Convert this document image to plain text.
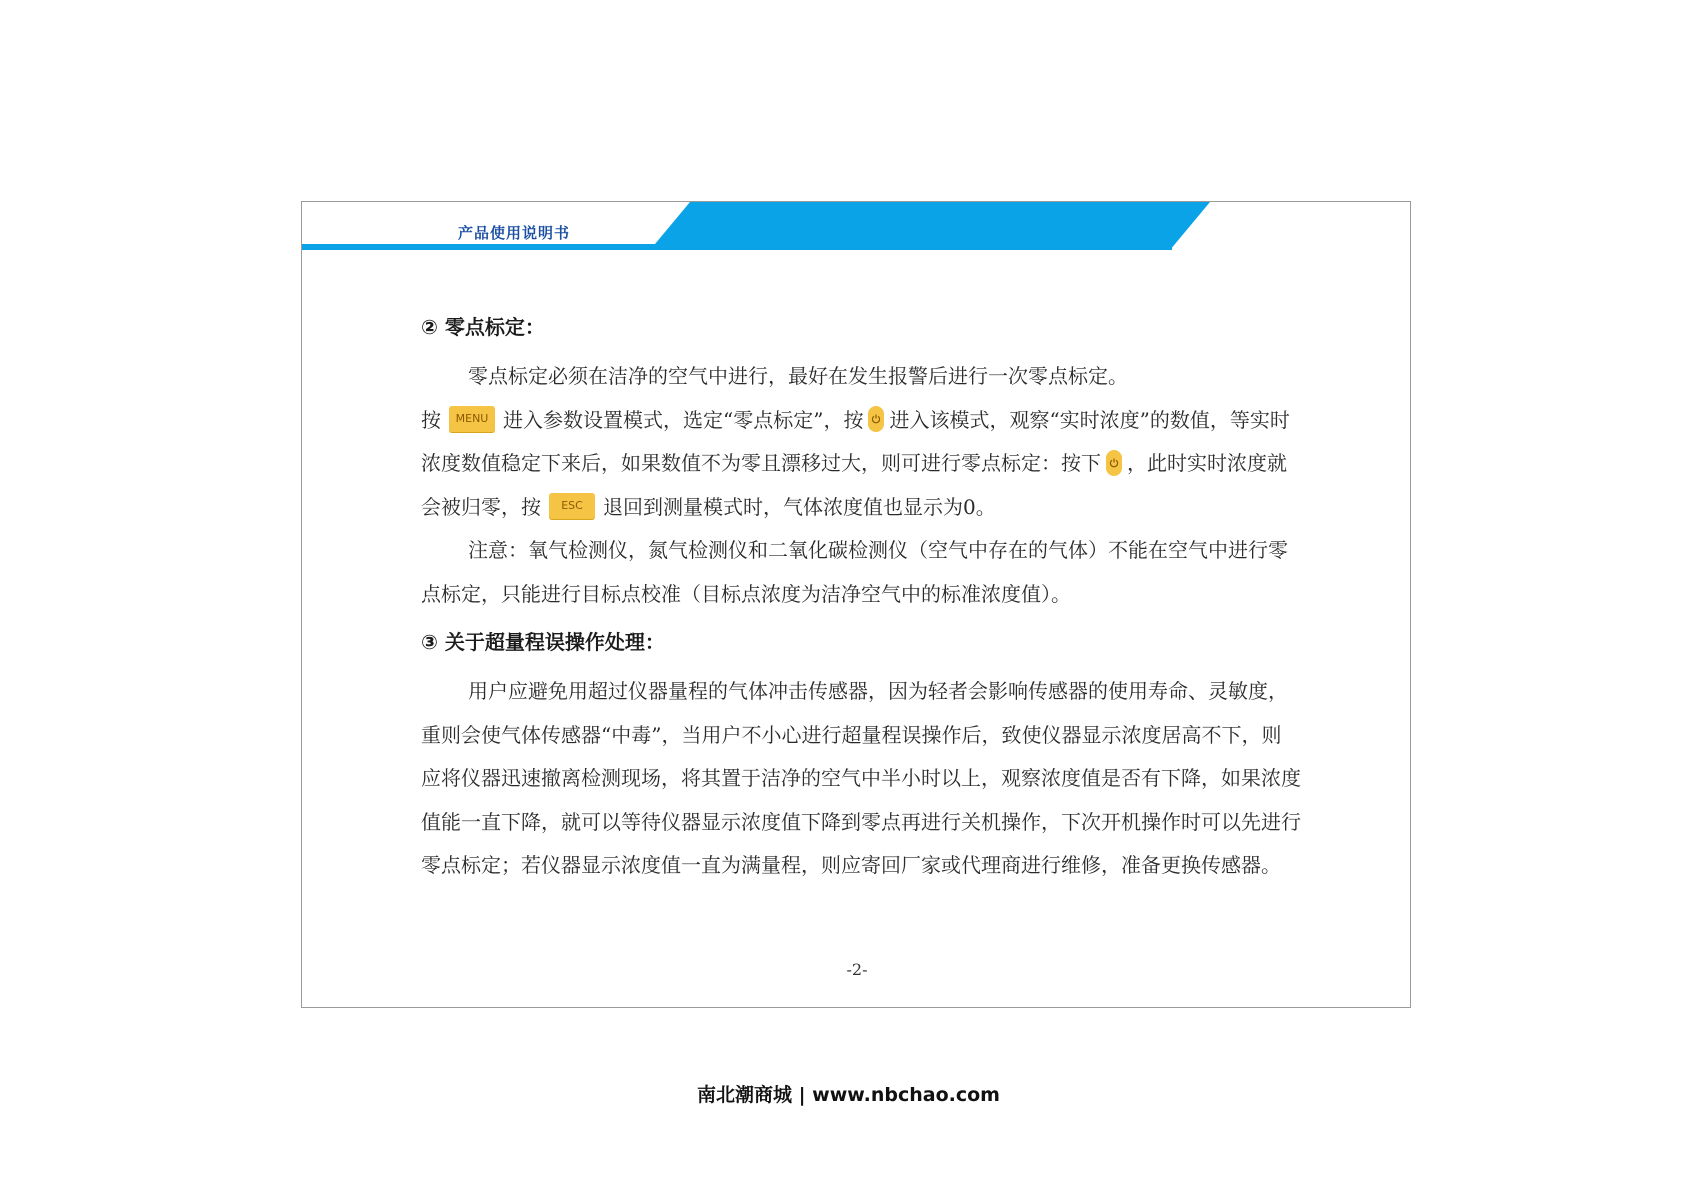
产品使用说明书
② 零点标定：

零点标定必须在洁净的空气中进行，最好在发生报警后进行一次零点标定。

按 MENU 进入参数设置模式，选定“零点标定”，按 进入该模式，观察“实时浓度”的数值，等实时浓度数值稳定下来后，如果数值不为零且漂移过大，则可进行零点标定：按下 ，此时实时浓度就会被归零，按 ESC 退回到测量模式时，气体浓度值也显示为0。

注意：氧气检测仪，氮气检测仪和二氧化碳检测仪（空气中存在的气体）不能在空气中进行零点标定，只能进行目标点校准（目标点浓度为洁净空气中的标准浓度值）。

③ 关于超量程误操作处理：

用户应避免用超过仪器量程的气体冲击传感器，因为轻者会影响传感器的使用寿命、灵敏度，重则会使气体传感器“中毒”，当用户不小心进行超量程误操作后，致使仪器显示浓度居高不下，则应将仪器迅速撤离检测现场，将其置于洁净的空气中半小时以上，观察浓度值是否有下降，如果浓度值能一直下降，就可以等待仪器显示浓度值下降到零点再进行关机操作，下次开机操作时可以先进行零点标定；若仪器显示浓度值一直为满量程，则应寄回厂家或代理商进行维修，准备更换传感器。

-2-
南北潮商城 | www.nbchao.com
